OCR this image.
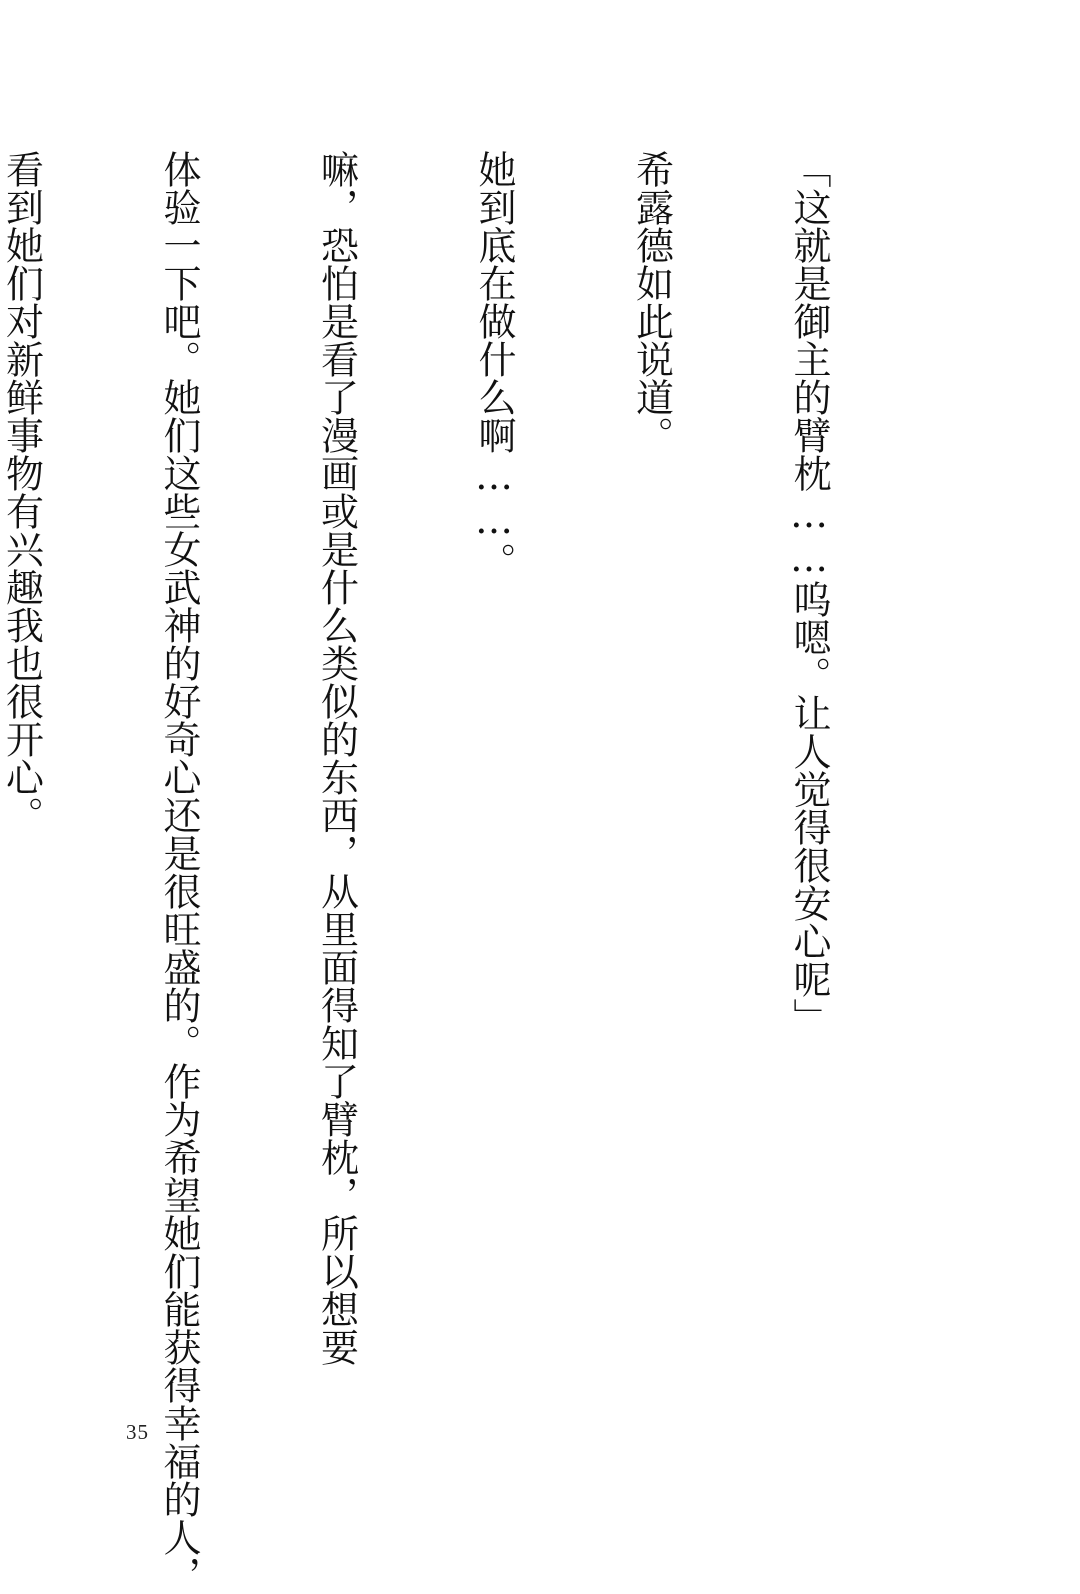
「这就是御主的臂枕……呜嗯。让人觉得很安心呢」

希露德如此说道。

她到底在做什么啊……。

嘛，恐怕是看了漫画或是什么类似的东西，从里面得知了臂枕，所以想要

体验一下吧。她们这些女武神的好奇心还是很旺盛的。作为希望她们能获得幸福的人，

看到她们对新鲜事物有兴趣我也很开心。

35
